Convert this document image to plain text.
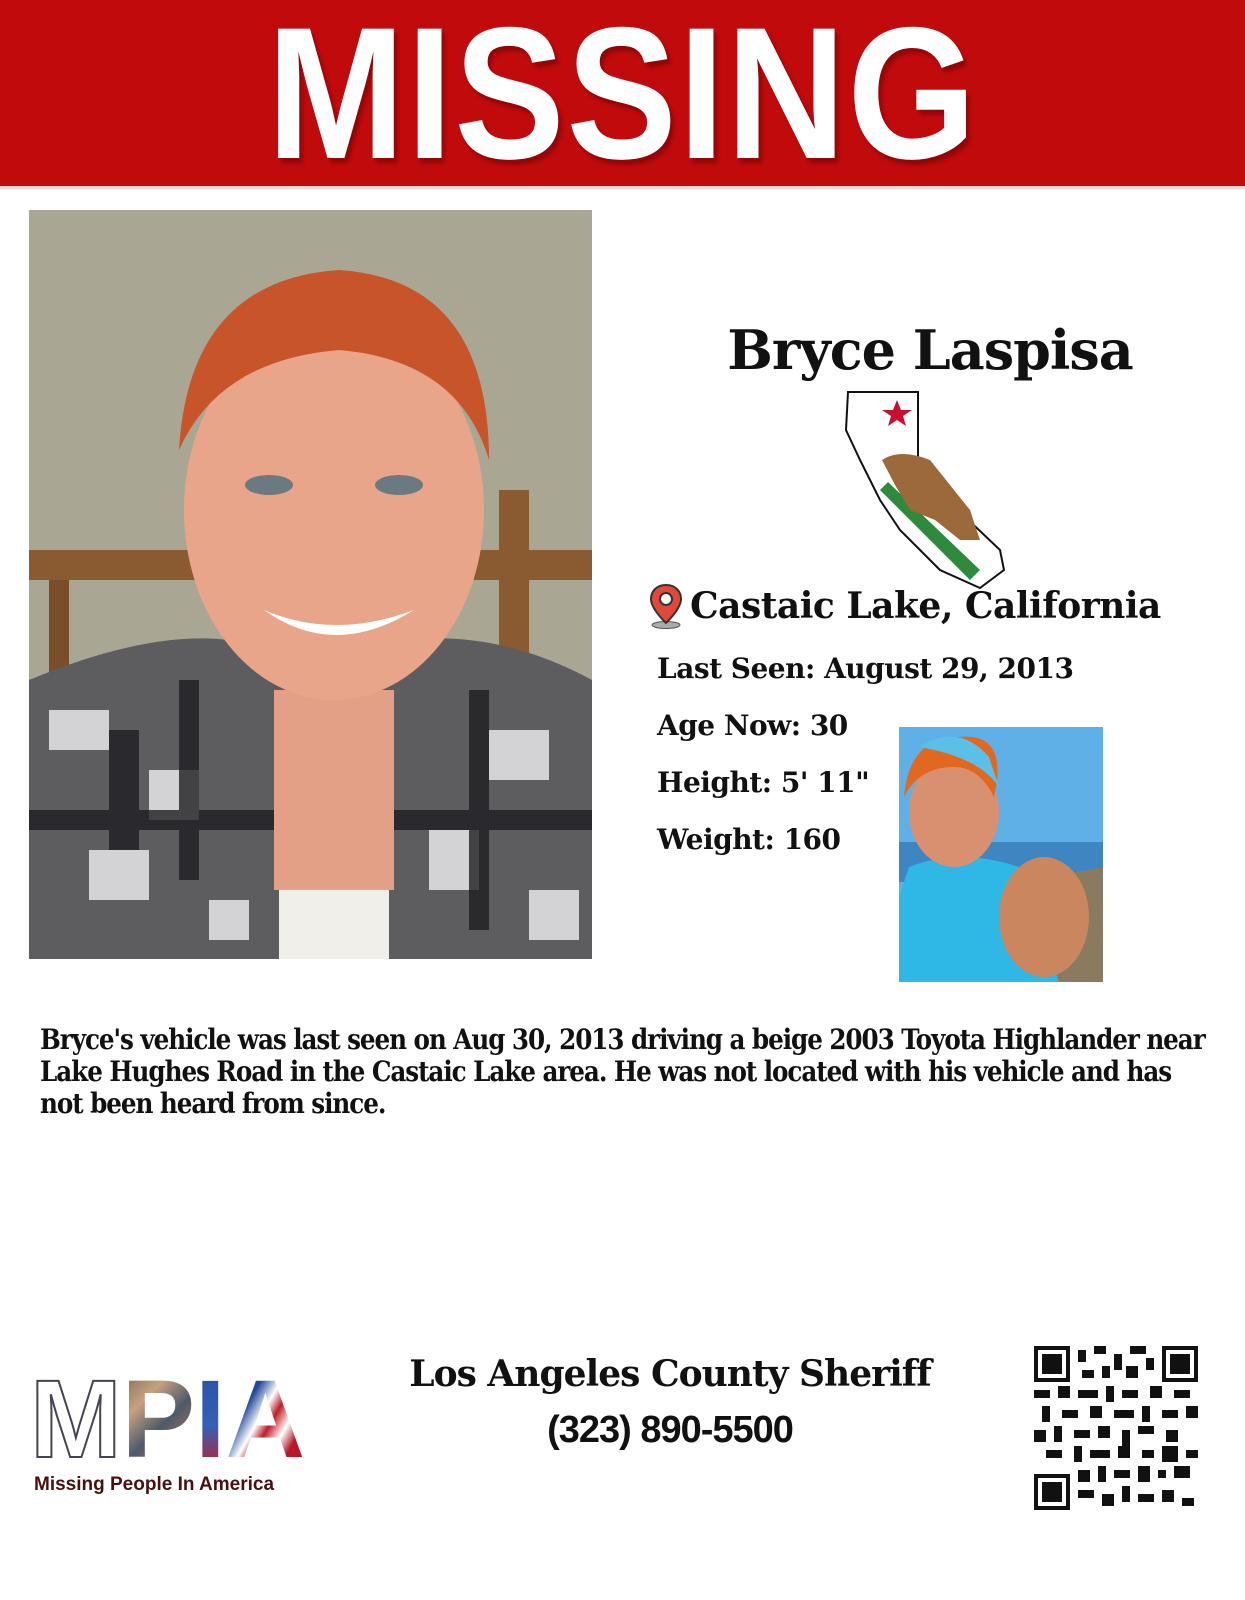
MISSING
Bryce Laspisa
Castaic Lake, California
Last Seen: August 29, 2013
Age Now: 30
Height: 5' 11"
Weight: 160
Bryce's vehicle was last seen on Aug 30, 2013 driving a beige 2003 Toyota Highlander near Lake Hughes Road in the Castaic Lake area. He was not located with his vehicle and has not been heard from since.
M P I A
Missing People In America
Los Angeles County Sheriff
(323) 890-5500
